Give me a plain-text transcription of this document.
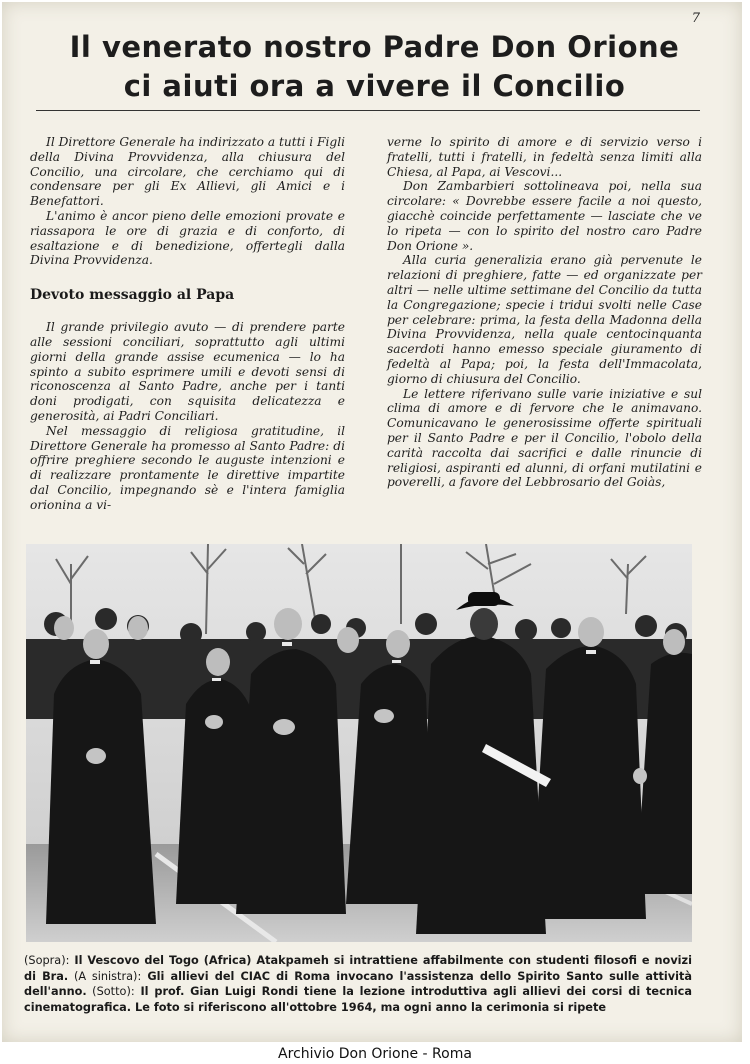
7
Il venerato nostro Padre Don Orione
ci aiuti ora a vivere il Concilio

Il Direttore Generale ha indirizzato a tutti i Figli della Divina Provvidenza, alla chiusura del Concilio, una circolare, che cerchiamo qui di condensare per gli Ex Allievi, gli Amici e i Benefattori.

L'animo è ancor pieno delle emozioni provate e riassapora le ore di grazia e di conforto, di esaltazione e di benedizione, offertegli dalla Divina Provvidenza.

Devoto messaggio al Papa

Il grande privilegio avuto — di prendere parte alle sessioni conciliari, soprattutto agli ultimi giorni della grande assise ecumenica — lo ha spinto a subito esprimere umili e devoti sensi di riconoscenza al Santo Padre, anche per i tanti doni prodigati, con squisita delicatezza e generosità, ai Padri Conciliari.

Nel messaggio di religiosa gratitudine, il Direttore Generale ha promesso al Santo Padre: di offrire preghiere secondo le auguste intenzioni e di realizzare prontamente le direttive impartite dal Concilio, impegnando sè e l'intera famiglia orionina a vi-

verne lo spirito di amore e di servizio verso i fratelli, tutti i fratelli, in fedeltà senza limiti alla Chiesa, al Papa, ai Vescovi...

Don Zambarbieri sottolineava poi, nella sua circolare: « Dovrebbe essere facile a noi questo, giacchè coincide perfettamente — lasciate che ve lo ripeta — con lo spirito del nostro caro Padre Don Orione ».

Alla curia generalizia erano già pervenute le relazioni di preghiere, fatte — ed organizzate per altri — nelle ultime settimane del Concilio da tutta la Congregazione; specie i tridui svolti nelle Case per celebrare: prima, la festa della Madonna della Divina Provvidenza, nella quale centocinquanta sacerdoti hanno emesso speciale giuramento di fedeltà al Papa; poi, la festa dell'Immacolata, giorno di chiusura del Concilio.

Le lettere riferivano sulle varie iniziative e sul clima di amore e di fervore che le animavano. Comunicavano le generosissime offerte spirituali per il Santo Padre e per il Concilio, l'obolo della carità raccolta dai sacrifici e dalle rinuncie di religiosi, aspiranti ed alunni, di orfani mutilatini e poverelli, a favore del Lebbrosario del Goiàs,

(Sopra): Il Vescovo del Togo (Africa) Atakpameh si intrattiene affabilmente con studenti filosofi e novizi di Bra. (A sinistra): Gli allievi del CIAC di Roma invocano l'assistenza dello Spirito Santo sulle attività dell'anno. (Sotto): Il prof. Gian Luigi Rondi tiene la lezione introduttiva agli allievi dei corsi di tecnica cinematografica. Le foto si riferiscono all'ottobre 1964, ma ogni anno la cerimonia si ripete
Archivio Don Orione - Roma
